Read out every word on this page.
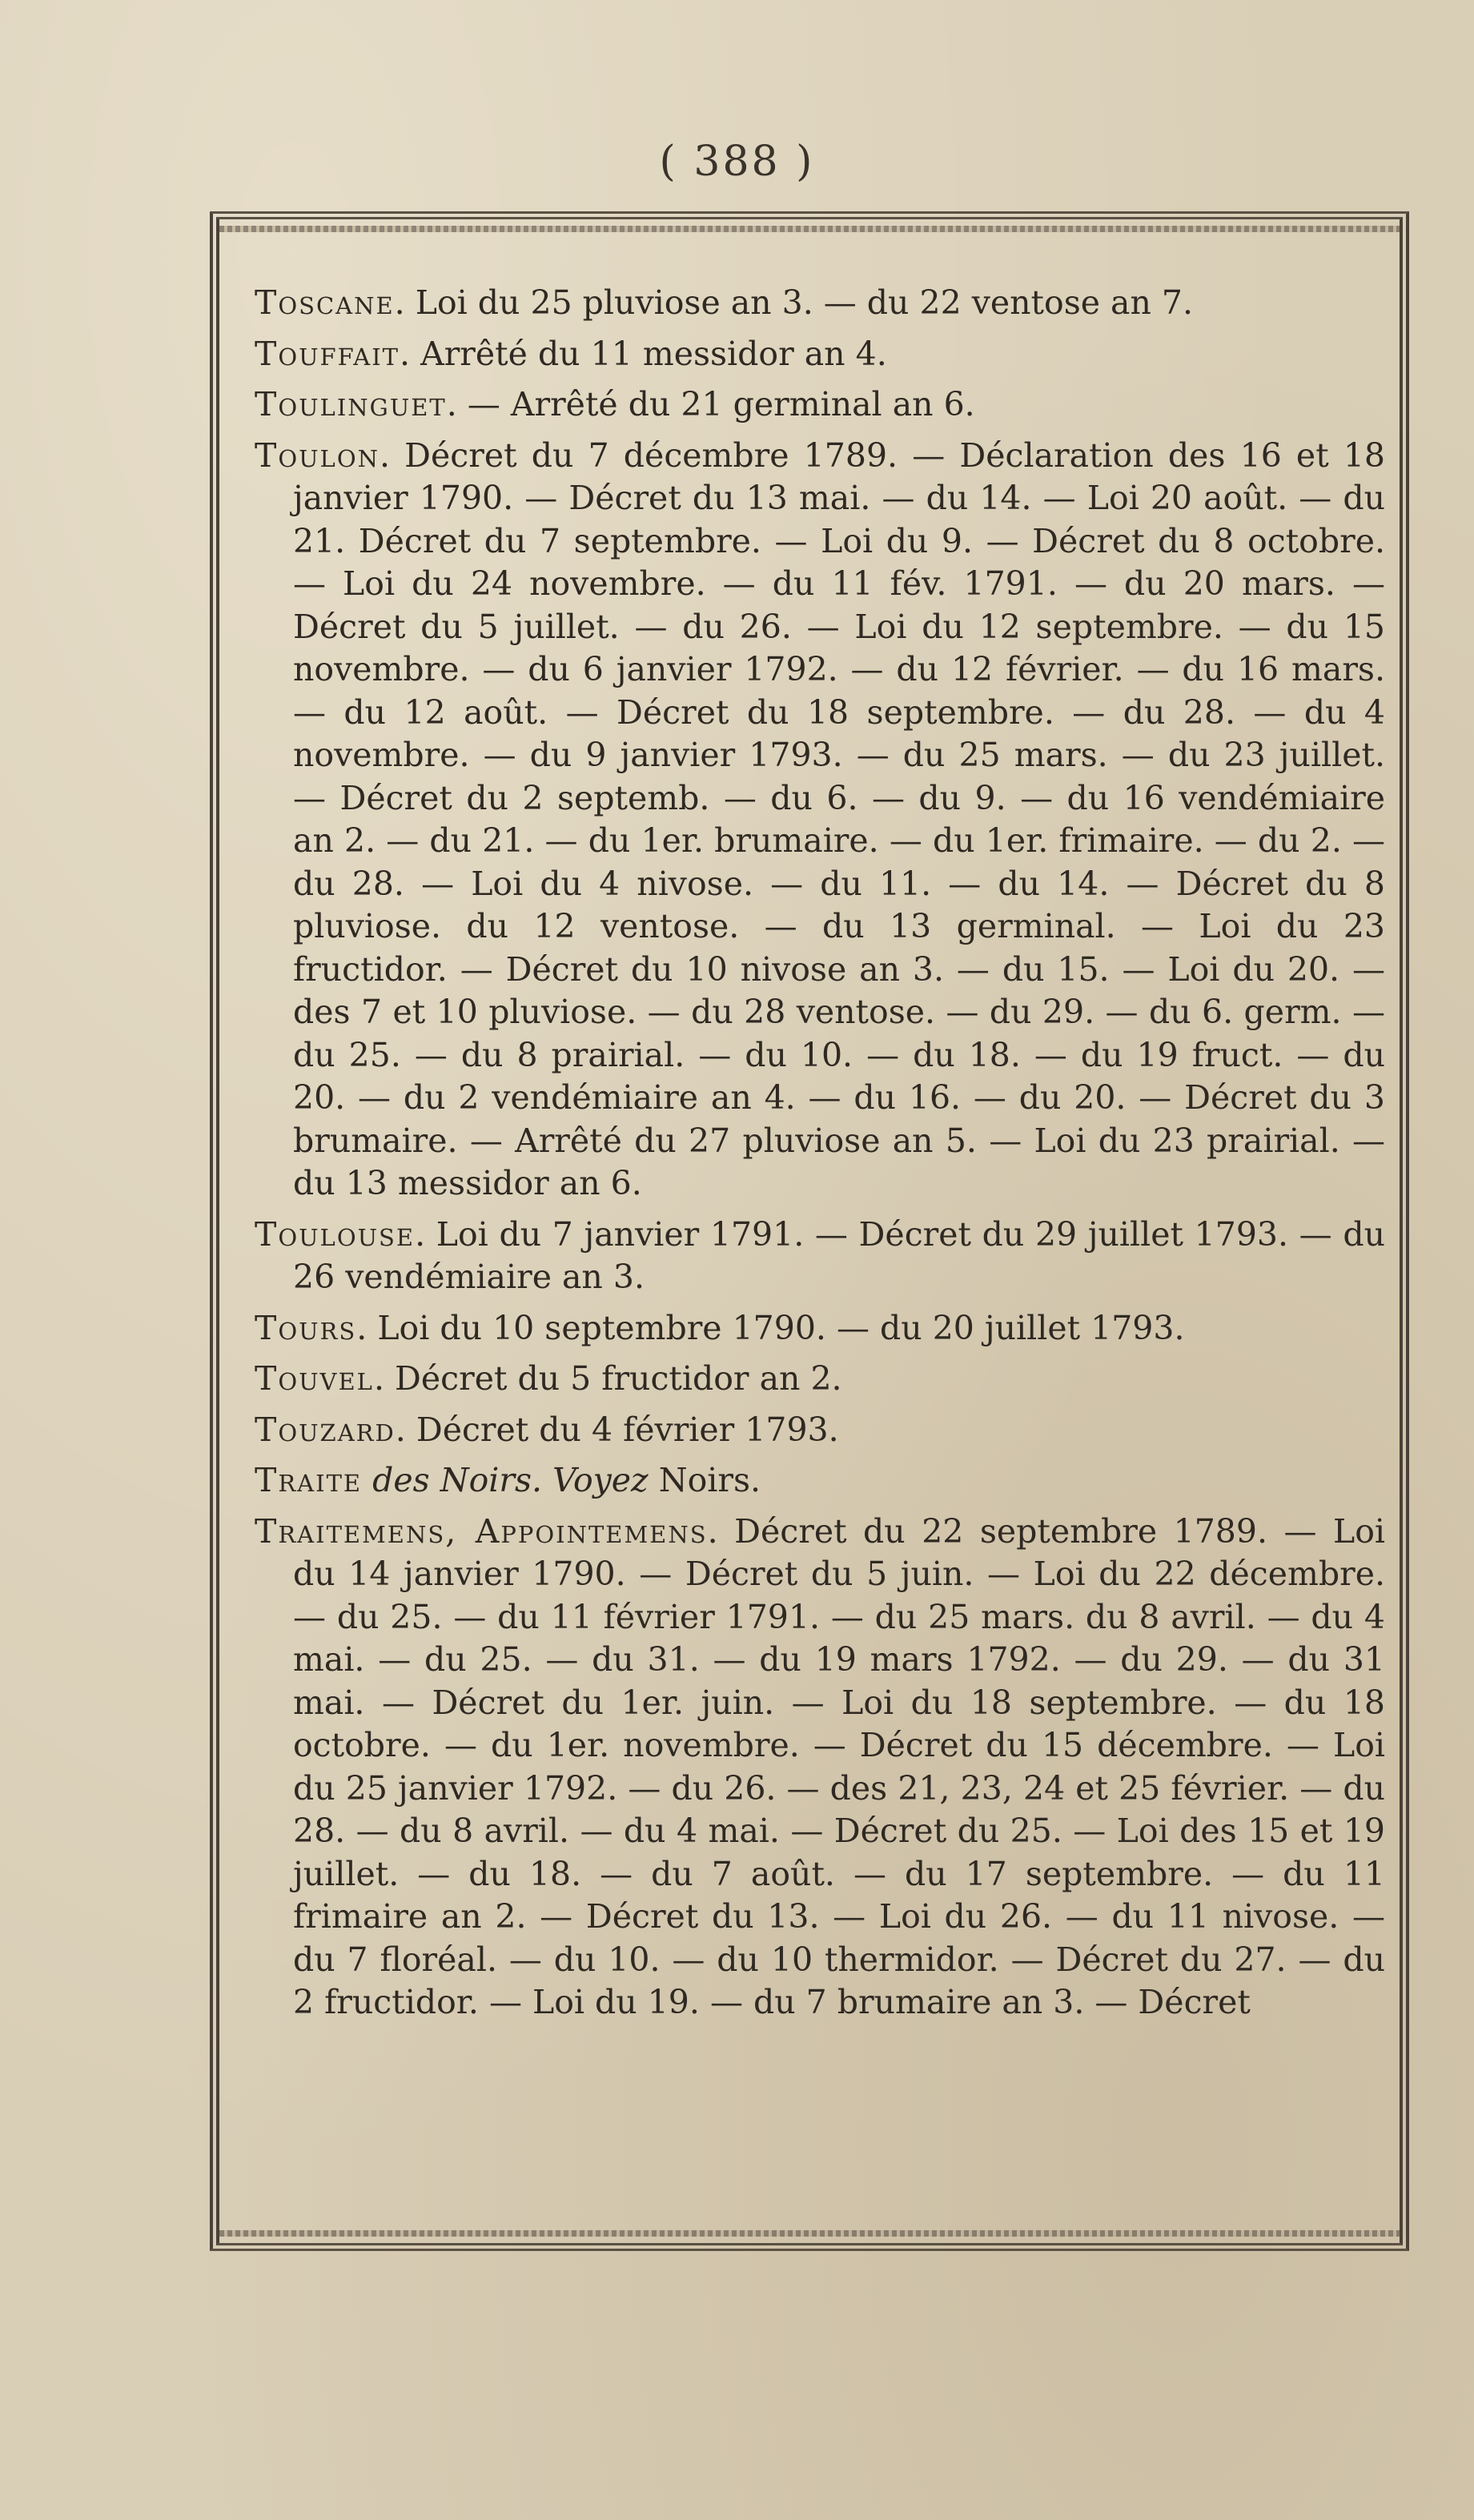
( 388 )

Toscane. Loi du 25 pluviose an 3. — du 22 ventose an 7.

Touffait. Arrêté du 11 messidor an 4.

Toulinguet. — Arrêté du 21 germinal an 6.

Toulon. Décret du 7 décembre 1789. — Déclaration des 16 et 18 janvier 1790. — Décret du 13 mai. — du 14. — Loi 20 août. — du 21. Décret du 7 septembre. — Loi du 9. — Décret du 8 octobre. — Loi du 24 novembre. — du 11 fév. 1791. — du 20 mars. — Décret du 5 juillet. — du 26. — Loi du 12 septembre. — du 15 novembre. — du 6 janvier 1792. — du 12 février. — du 16 mars. — du 12 août. — Décret du 18 septembre. — du 28. — du 4 novembre. — du 9 janvier 1793. — du 25 mars. — du 23 juillet. — Décret du 2 septemb. — du 6. — du 9. — du 16 vendémiaire an 2. — du 21. — du 1er. brumaire. — du 1er. frimaire. — du 2. — du 28. — Loi du 4 nivose. — du 11. — du 14. — Décret du 8 pluviose. du 12 ventose. — du 13 germinal. — Loi du 23 fructidor. — Décret du 10 nivose an 3. — du 15. — Loi du 20. — des 7 et 10 pluviose. — du 28 ventose. — du 29. — du 6. germ. — du 25. — du 8 prairial. — du 10. — du 18. — du 19 fruct. — du 20. — du 2 vendémiaire an 4. — du 16. — du 20. — Décret du 3 brumaire. — Arrêté du 27 pluviose an 5. — Loi du 23 prairial. — du 13 messidor an 6.

Toulouse. Loi du 7 janvier 1791. — Décret du 29 juillet 1793. — du 26 vendémiaire an 3.

Tours. Loi du 10 septembre 1790. — du 20 juillet 1793.

Touvel. Décret du 5 fructidor an 2.

Touzard. Décret du 4 février 1793.

Traite des Noirs. Voyez Noirs.

Traitemens, Appointemens. Décret du 22 septembre 1789. — Loi du 14 janvier 1790. — Décret du 5 juin. — Loi du 22 décembre. — du 25. — du 11 février 1791. — du 25 mars. du 8 avril. — du 4 mai. — du 25. — du 31. — du 19 mars 1792. — du 29. — du 31 mai. — Décret du 1er. juin. — Loi du 18 septembre. — du 18 octobre. — du 1er. novembre. — Décret du 15 décembre. — Loi du 25 janvier 1792. — du 26. — des 21, 23, 24 et 25 février. — du 28. — du 8 avril. — du 4 mai. — Décret du 25. — Loi des 15 et 19 juillet. — du 18. — du 7 août. — du 17 septembre. — du 11 frimaire an 2. — Décret du 13. — Loi du 26. — du 11 nivose. — du 7 floréal. — du 10. — du 10 thermidor. — Décret du 27. — du 2 fructidor. — Loi du 19. — du 7 brumaire an 3. — Décret
